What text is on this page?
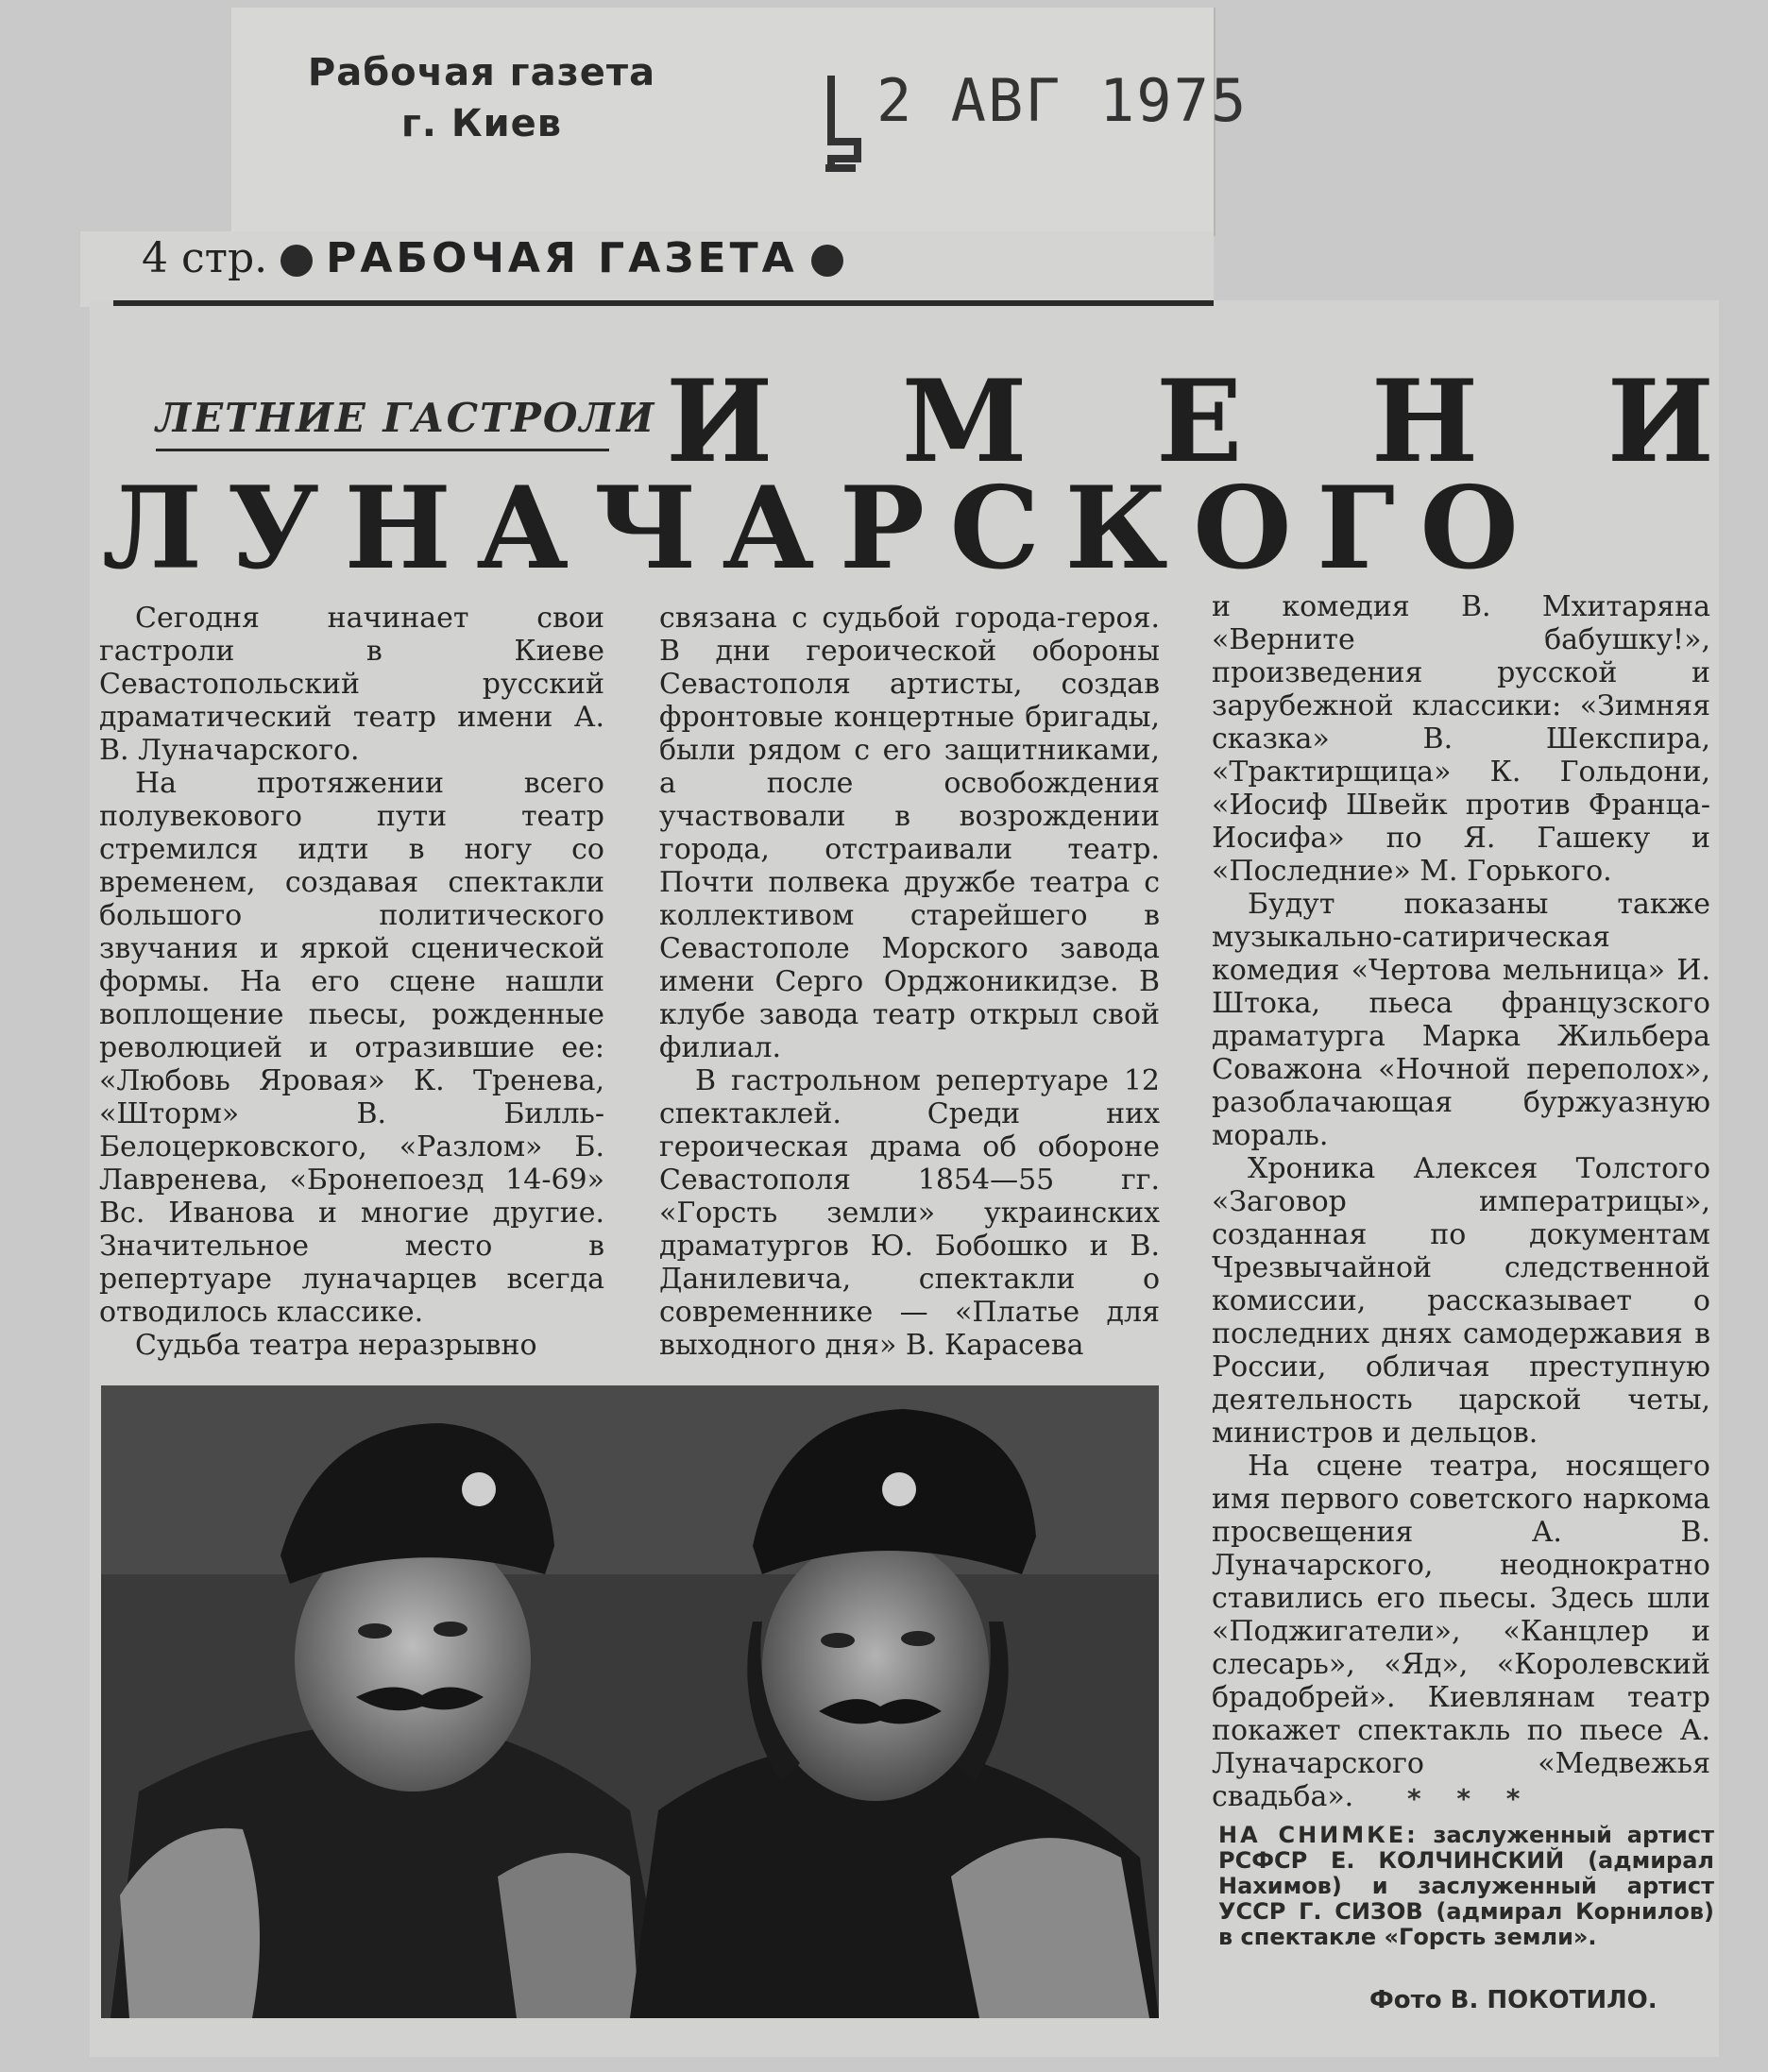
Рабочая газета
г. Киев	2 АВГ 1975
4 стр. РАБОЧАЯ ГАЗЕТА
ЛЕТНИЕ ГАСТРОЛИ И М Е Н И
Л У Н А Ч А Р С К О Г О

Сегодня начинает свои гастроли в Киеве Севастопольский русский драматический театр имени А. В. Луначарского.

На протяжении всего полувекового пути театр стремился идти в ногу со временем, создавая спектакли большого политического звучания и яркой сценической формы. На его сцене нашли воплощение пьесы, рожденные революцией и отразившие ее: «Любовь Яровая» К. Тренева, «Шторм» В. Билль-Белоцерковского, «Разлом» Б. Лавренева, «Бронепоезд 14-69» Вс. Иванова и многие другие. Значительное место в репертуаре луначарцев всегда отводилось классике.

Судьба театра неразрывно

связана с судьбой города-героя. В дни героической обороны Севастополя артисты, создав фронтовые концертные бригады, были рядом с его защитниками, а после освобождения участвовали в возрождении города, отстраивали театр. Почти полвека дружбе театра с коллективом старейшего в Севастополе Морского завода имени Серго Орджоникидзе. В клубе завода театр открыл свой филиал.

В гастрольном репертуаре 12 спектаклей. Среди них героическая драма об обороне Севастополя 1854—55 гг. «Горсть земли» украинских драматургов Ю. Бобошко и В. Данилевича, спектакли о современнике — «Платье для выходного дня» В. Карасева

и комедия В. Мхитаряна «Верните бабушку!», произведения русской и зарубежной классики: «Зимняя сказка» В. Шекспира, «Трактирщица» К. Гольдони, «Иосиф Швейк против Франца-Иосифа» по Я. Гашеку и «Последние» М. Горького.

Будут показаны также музыкально-сатирическая комедия «Чертова мельница» И. Штока, пьеса французского драматурга Марка Жильбера Соважона «Ночной переполох», разоблачающая буржуазную мораль.

Хроника Алексея Толстого «Заговор императрицы», созданная по документам Чрезвычайной следственной комиссии, рассказывает о последних днях самодержавия в России, обличая преступную деятельность царской четы, министров и дельцов.

На сцене театра, носящего имя первого советского наркома просвещения А. В. Луначарского, неоднократно ставились его пьесы. Здесь шли «Поджигатели», «Канцлер и слесарь», «Яд», «Королевский брадобрей». Киевлянам театр покажет спектакль по пьесе А. Луначарского «Медвежья свадьба».	* * *
НА СНИМКЕ: заслуженный артист РСФСР Е. КОЛЧИНСКИЙ (адмирал Нахимов) и заслуженный артист УССР Г. СИЗОВ (адмирал Корнилов) в спектакле «Горсть земли».
Фото В. ПОКОТИЛО.
